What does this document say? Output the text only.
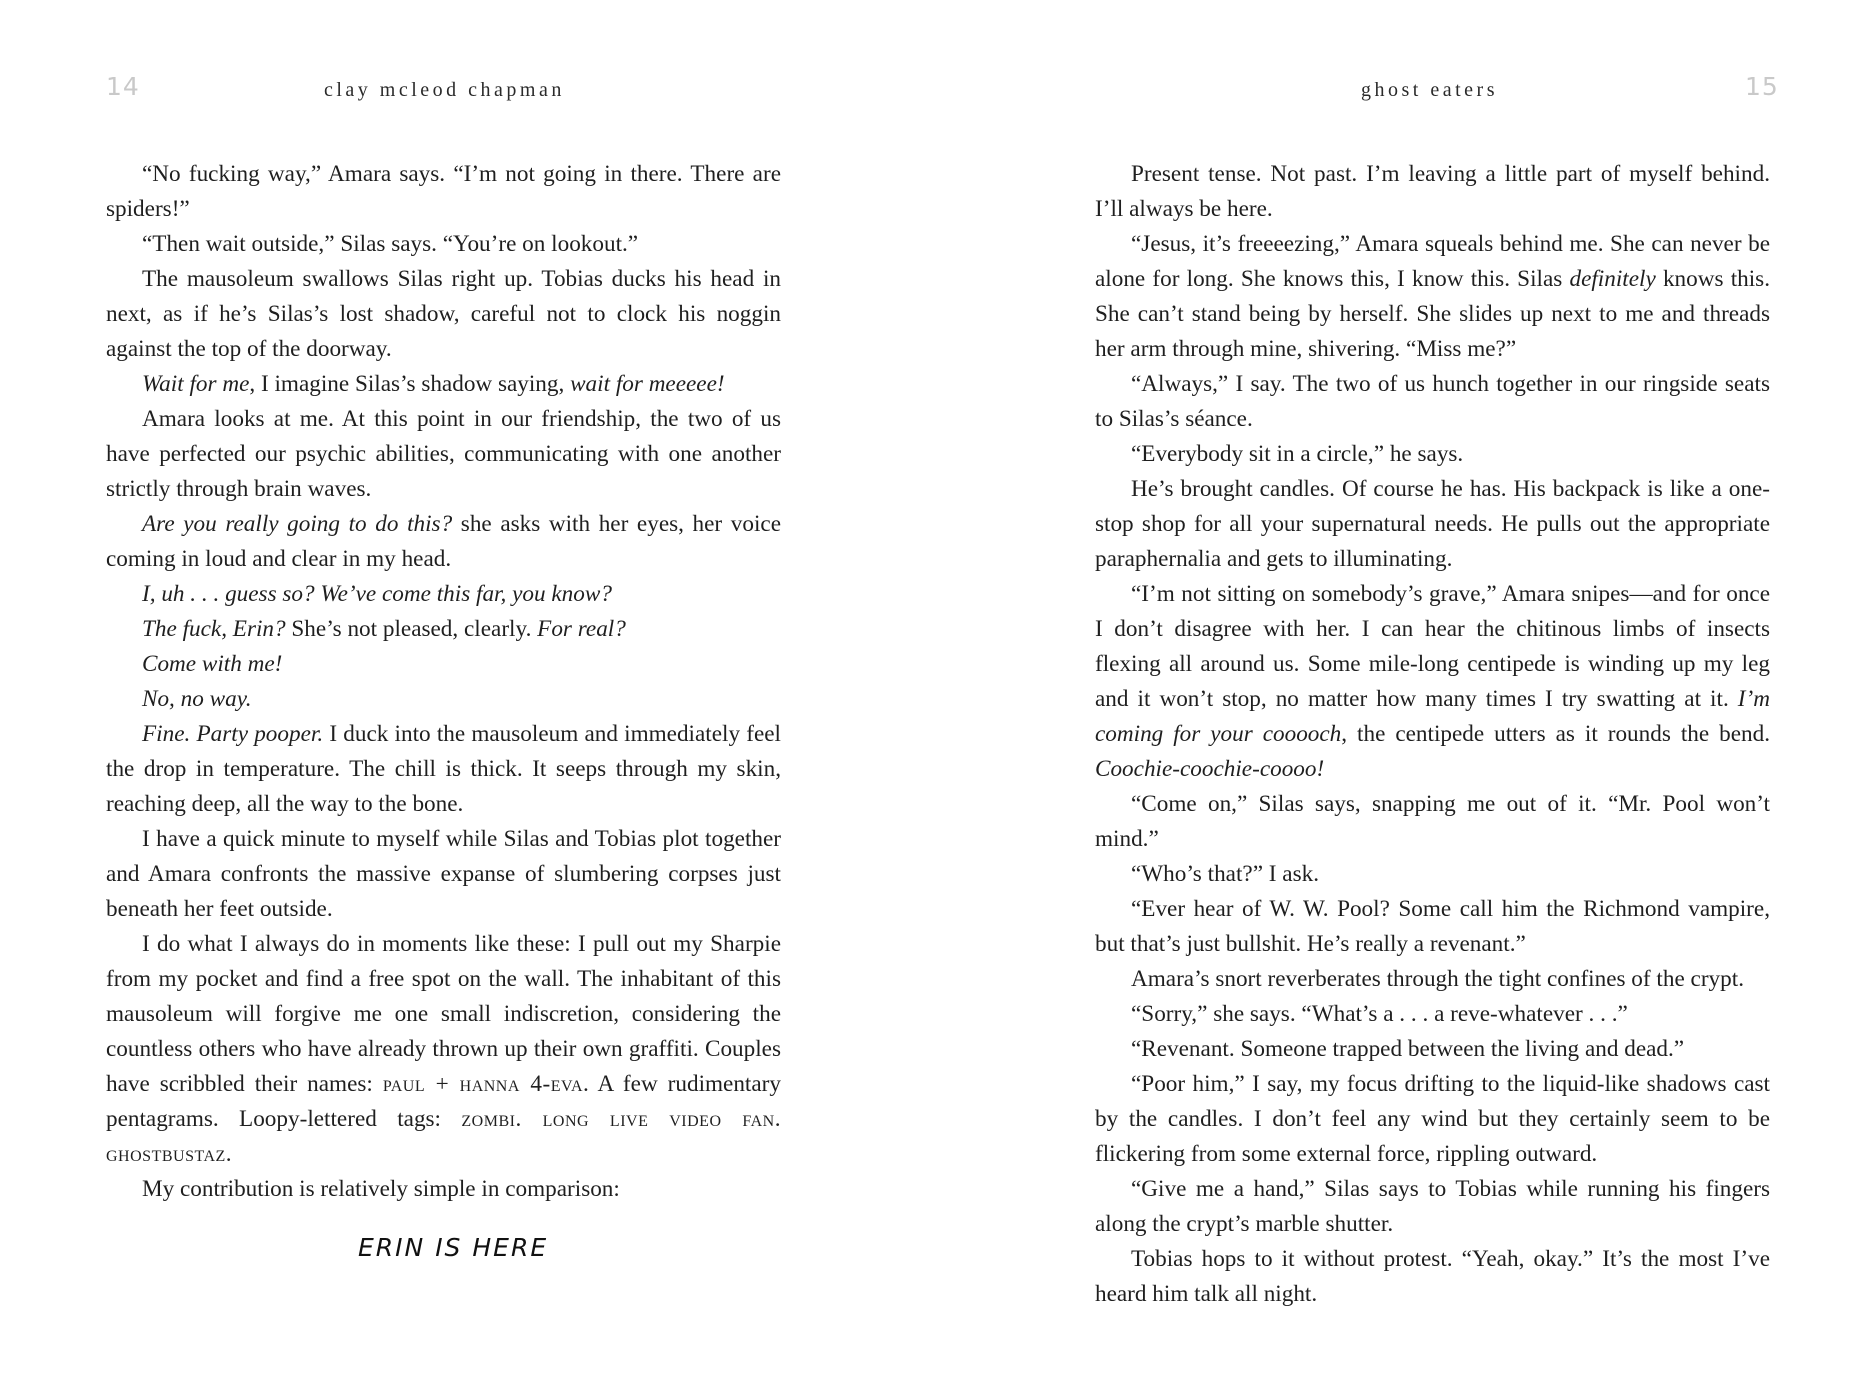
14	clay mcleod chapman

“No fucking way,” Amara says. “I’m not going in there. There are spiders!”

“Then wait outside,” Silas says. “You’re on lookout.”

The mausoleum swallows Silas right up. Tobias ducks his head in next, as if he’s Silas’s lost shadow, careful not to clock his noggin against the top of the doorway.

Wait for me, I imagine Silas’s shadow saying, wait for meeeee!

Amara looks at me. At this point in our friendship, the two of us have perfected our psychic abilities, communicating with one another strictly through brain waves.

Are you really going to do this? she asks with her eyes, her voice coming in loud and clear in my head.

I, uh . . . guess so? We’ve come this far, you know?

The fuck, Erin? She’s not pleased, clearly. For real?

Come with me!

No, no way.

Fine. Party pooper. I duck into the mausoleum and immediately feel the drop in temperature. The chill is thick. It seeps through my skin, reaching deep, all the way to the bone.

I have a quick minute to myself while Silas and Tobias plot together and Amara confronts the massive expanse of slumbering corpses just beneath her feet outside.

I do what I always do in moments like these: I pull out my Sharpie from my pocket and find a free spot on the wall. The inhabitant of this mausoleum will forgive me one small indiscretion, considering the countless others who have already thrown up their own graffiti. Couples have scribbled their names: paul + hanna 4-eva. A few rudimentary pentagrams. Loopy-lettered tags: zombi. long live video fan. ghostbustaz.

My contribution is relatively simple in comparison:

ERIN IS HERE
ghost eaters	15

Present tense. Not past. I’m leaving a little part of myself behind. I’ll always be here.

“Jesus, it’s freeeezing,” Amara squeals behind me. She can never be alone for long. She knows this, I know this. Silas definitely knows this. She can’t stand being by herself. She slides up next to me and threads her arm through mine, shivering. “Miss me?”

“Always,” I say. The two of us hunch together in our ringside seats to Silas’s séance.

“Everybody sit in a circle,” he says.

He’s brought candles. Of course he has. His backpack is like a one-stop shop for all your supernatural needs. He pulls out the appropriate paraphernalia and gets to illuminating.

“I’m not sitting on somebody’s grave,” Amara snipes—and for once I don’t disagree with her. I can hear the chitinous limbs of insects flexing all around us. Some mile-long centipede is winding up my leg and it won’t stop, no matter how many times I try swatting at it. I’m coming for your cooooch, the centipede utters as it rounds the bend. Coochie-coochie-coooo!

“Come on,” Silas says, snapping me out of it. “Mr. Pool won’t mind.”

“Who’s that?” I ask.

“Ever hear of W. W. Pool? Some call him the Richmond vampire, but that’s just bullshit. He’s really a revenant.”

Amara’s snort reverberates through the tight confines of the crypt.

“Sorry,” she says. “What’s a . . . a reve-whatever . . .”

“Revenant. Someone trapped between the living and dead.”

“Poor him,” I say, my focus drifting to the liquid-like shadows cast by the candles. I don’t feel any wind but they certainly seem to be flickering from some external force, rippling outward.

“Give me a hand,” Silas says to Tobias while running his fingers along the crypt’s marble shutter.

Tobias hops to it without protest. “Yeah, okay.” It’s the most I’ve heard him talk all night.
